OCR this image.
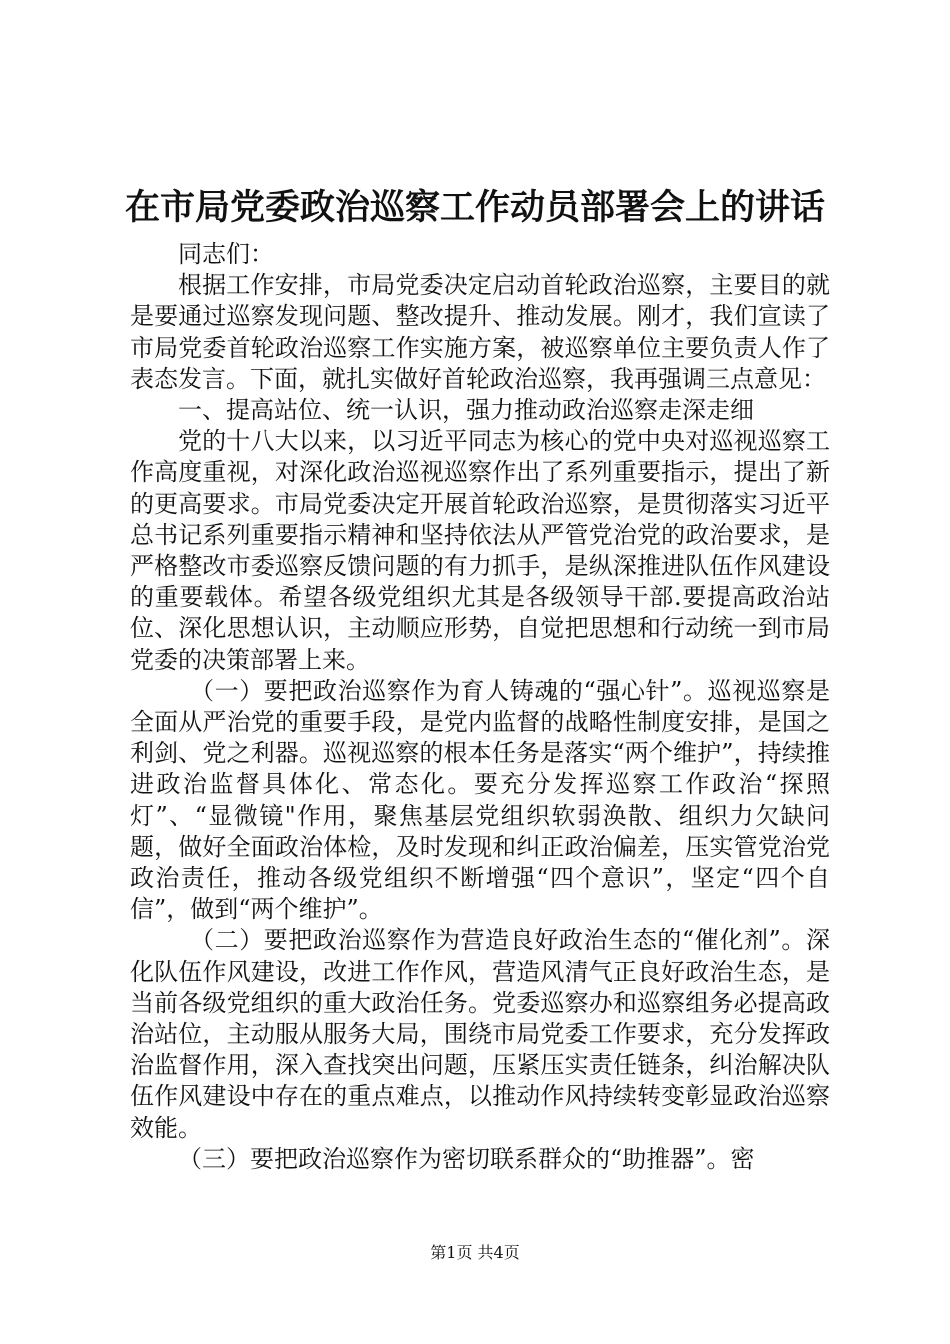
在市局党委政治巡察工作动员部署会上的讲话

同志们：

根据工作安排，市局党委决定启动首轮政治巡察，主要目的就是要通过巡察发现问题、整改提升、推动发展。刚才，我们宣读了市局党委首轮政治巡察工作实施方案，被巡察单位主要负责人作了表态发言。下面，就扎实做好首轮政治巡察，我再强调三点意见：

一、提高站位、统一认识，强力推动政治巡察走深走细

党的十八大以来，以习近平同志为核心的党中央对巡视巡察工作高度重视，对深化政治巡视巡察作出了系列重要指示，提出了新的更高要求。市局党委决定开展首轮政治巡察，是贯彻落实习近平总书记系列重要指示精神和坚持依法从严管党治党的政治要求，是严格整改市委巡察反馈问题的有力抓手，是纵深推进队伍作风建设的重要载体。希望各级党组织尤其是各级领导干部.要提高政治站位、深化思想认识，主动顺应形势，自觉把思想和行动统一到市局党委的决策部署上来。

（一）要把政治巡察作为育人铸魂的“强心针”。巡视巡察是全面从严治党的重要手段，是党内监督的战略性制度安排，是国之利剑、党之利器。巡视巡察的根本任务是落实“两个维护”，持续推进政治监督具体化、常态化。要充分发挥巡察工作政治“探照灯”、“显微镜"作用，聚焦基层党组织软弱涣散、组织力欠缺问题，做好全面政治体检，及时发现和纠正政治偏差，压实管党治党政治责任，推动各级党组织不断增强“四个意识”，坚定“四个自信”，做到“两个维护”。

（二）要把政治巡察作为营造良好政治生态的“催化剂”。深化队伍作风建设，改进工作作风，营造风清气正良好政治生态，是当前各级党组织的重大政治任务。党委巡察办和巡察组务必提高政治站位，主动服从服务大局，围绕市局党委工作要求，充分发挥政治监督作用，深入查找突出问题，压紧压实责任链条，纠治解决队伍作风建设中存在的重点难点，以推动作风持续转变彰显政治巡察效能。

（三）要把政治巡察作为密切联系群众的“助推器”。密

第1页 共4页
